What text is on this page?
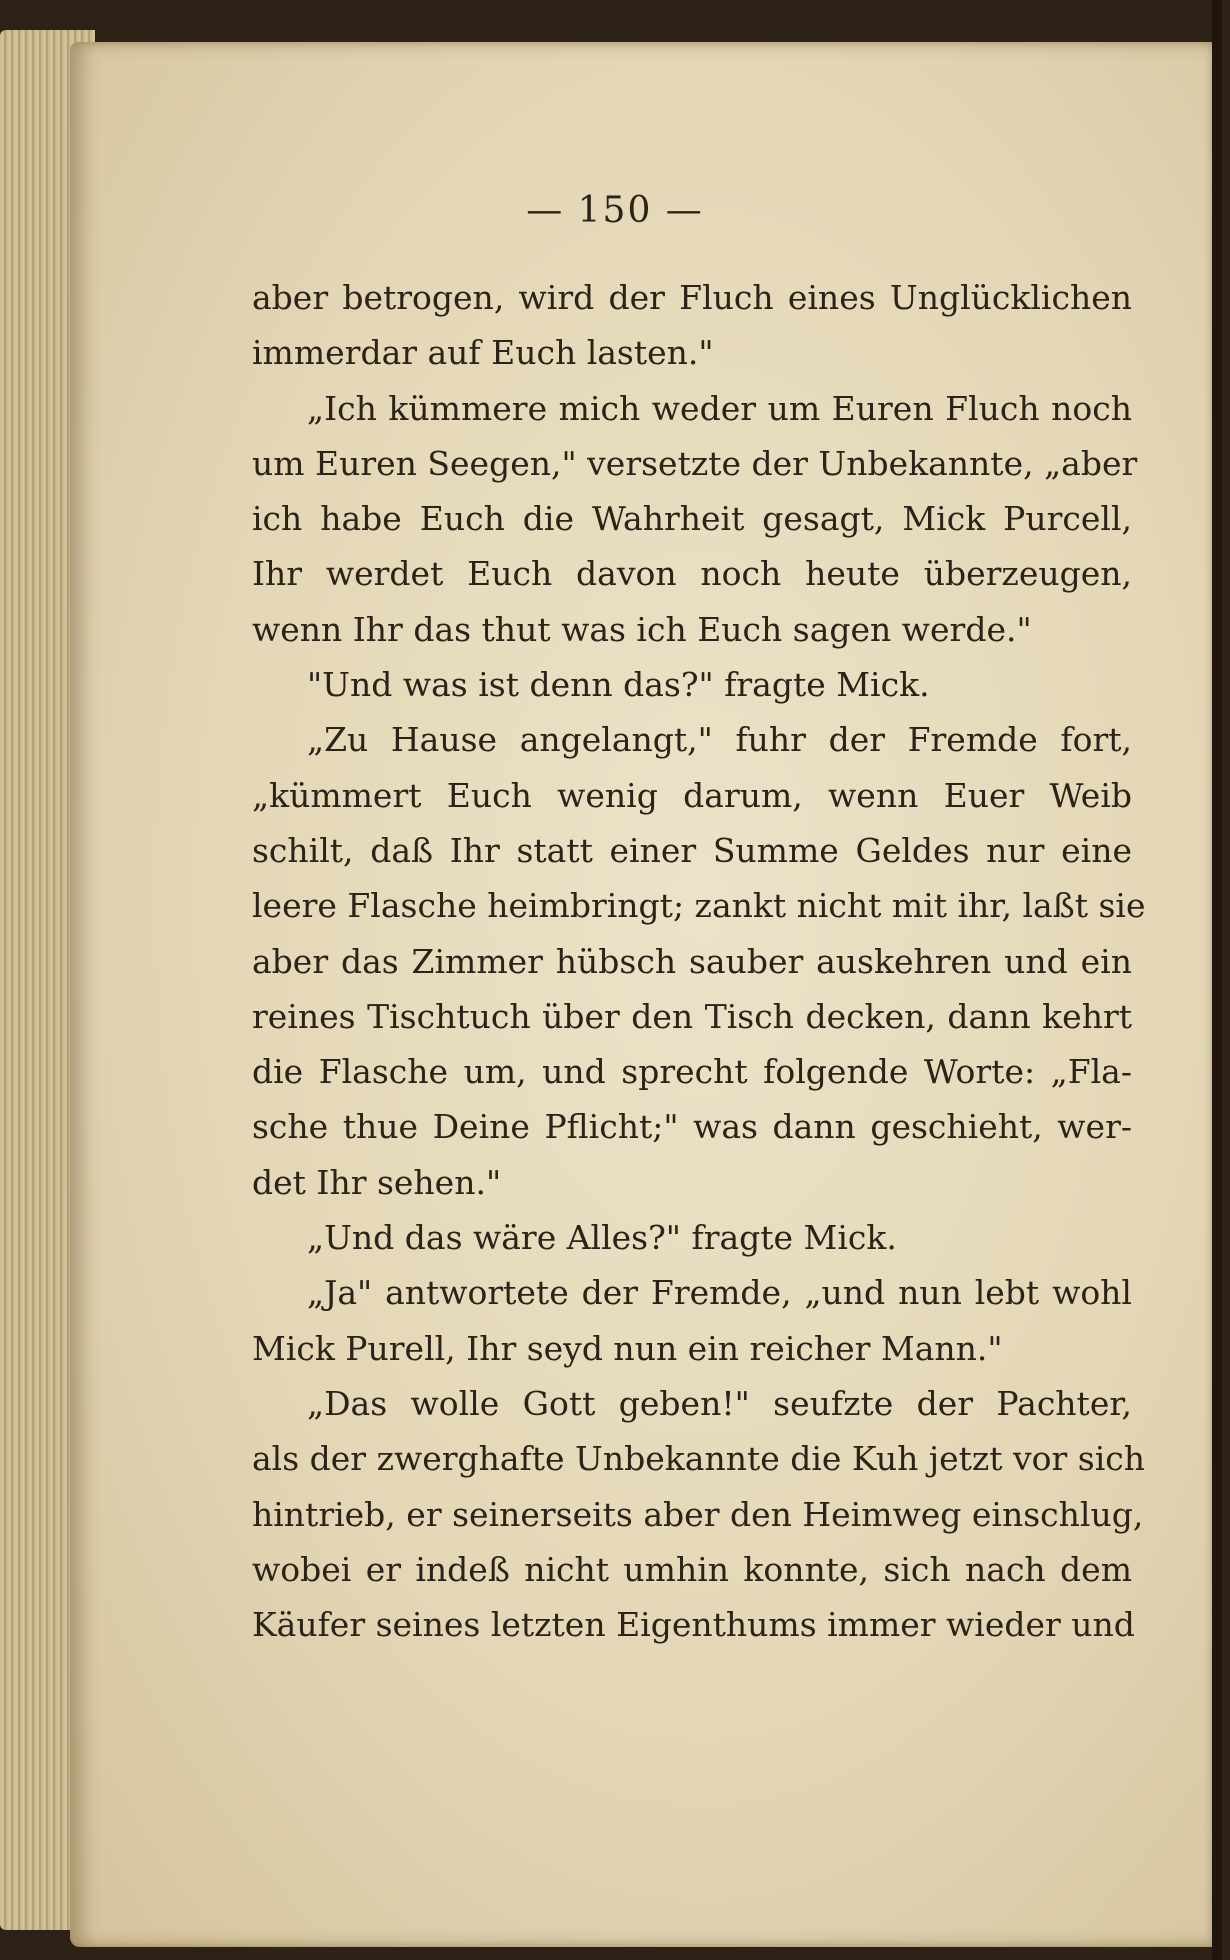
— 150 —
aber betrogen, wird der Fluch eines Unglücklichen
immerdar auf Euch lasten."
„Ich kümmere mich weder um Euren Fluch noch
um Euren Seegen," versetzte der Unbekannte, „aber
ich habe Euch die Wahrheit gesagt, Mick Purcell,
Ihr werdet Euch davon noch heute überzeugen,
wenn Ihr das thut was ich Euch sagen werde."
"Und was ist denn das?" fragte Mick.
„Zu Hause angelangt," fuhr der Fremde fort,
„kümmert Euch wenig darum, wenn Euer Weib
schilt, daß Ihr statt einer Summe Geldes nur eine
leere Flasche heimbringt; zankt nicht mit ihr, laßt sie
aber das Zimmer hübsch sauber auskehren und ein
reines Tischtuch über den Tisch decken, dann kehrt
die Flasche um, und sprecht folgende Worte: „Fla-
sche thue Deine Pflicht;" was dann geschieht, wer-
det Ihr sehen."
„Und das wäre Alles?" fragte Mick.
„Ja" antwortete der Fremde, „und nun lebt wohl
Mick Purell, Ihr seyd nun ein reicher Mann."
„Das wolle Gott geben!" seufzte der Pachter,
als der zwerghafte Unbekannte die Kuh jetzt vor sich
hintrieb, er seinerseits aber den Heimweg einschlug,
wobei er indeß nicht umhin konnte, sich nach dem
Käufer seines letzten Eigenthums immer wieder und
